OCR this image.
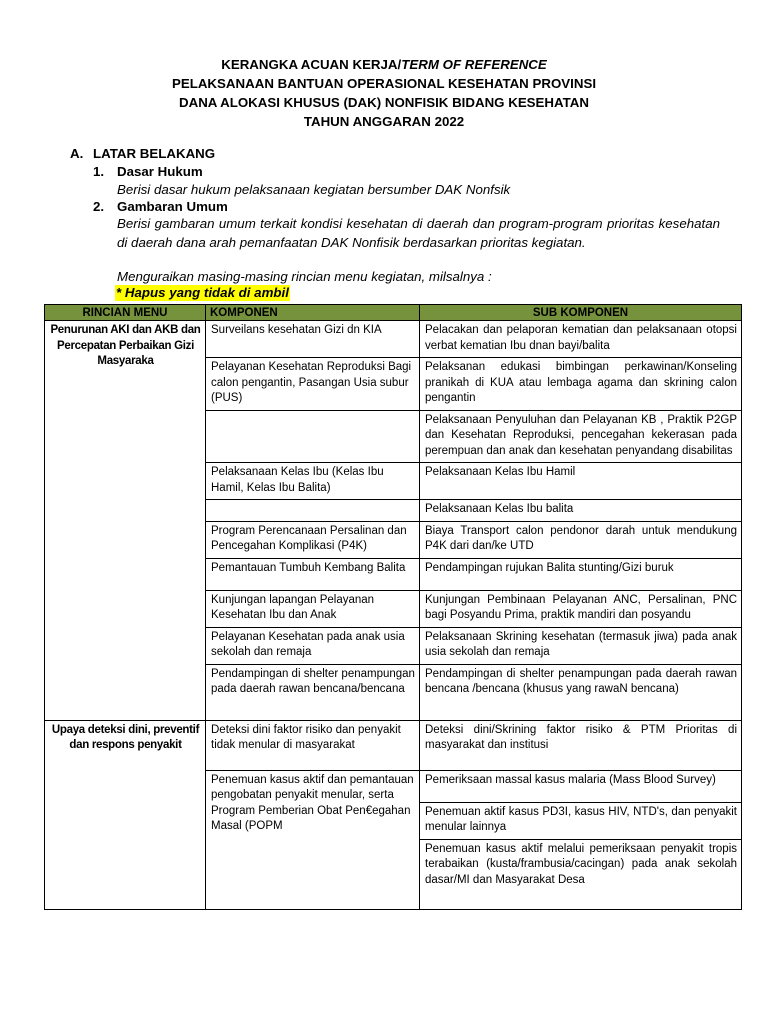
KERANGKA ACUAN KERJA/TERM OF REFERENCE
PELAKSANAAN BANTUAN OPERASIONAL KESEHATAN PROVINSI
DANA ALOKASI KHUSUS (DAK) NONFISIK BIDANG KESEHATAN
TAHUN ANGGARAN 2022
A. LATAR BELAKANG
1. Dasar Hukum
Berisi dasar hukum pelaksanaan kegiatan bersumber DAK Nonfsik
2. Gambaran Umum
Berisi gambaran umum terkait kondisi kesehatan di daerah dan program-program prioritas kesehatan di daerah dana arah pemanfaatan DAK Nonfisik berdasarkan prioritas kegiatan.
Menguraikan masing-masing rincian menu kegiatan, milsalnya :
* Hapus yang tidak di ambil
RINCIAN MENU	KOMPONEN	SUB KOMPONEN
Penurunan AKI dan AKB dan Percepatan Perbaikan Gizi Masyaraka	Surveilans kesehatan Gizi dn KIA	Pelacakan dan pelaporan kematian dan pelaksanaan otopsi verbat kematian Ibu dnan bayi/balita
	Pelayanan Kesehatan Reproduksi Bagi calon pengantin, Pasangan Usia subur (PUS)	Pelaksanan edukasi bimbingan perkawinan/Konseling pranikah di KUA atau lembaga agama dan skrining calon pengantin
		Pelaksanaan Penyuluhan dan Pelayanan KB , Praktik P2GP dan Kesehatan Reproduksi, pencegahan kekerasan pada perempuan dan anak dan kesehatan penyandang disabilitas
	Pelaksanaan Kelas Ibu (Kelas Ibu Hamil, Kelas Ibu Balita)	Pelaksanaan Kelas Ibu Hamil
		Pelaksanaan Kelas Ibu balita
	Program Perencanaan Persalinan dan Pencegahan Komplikasi (P4K)	Biaya Transport calon pendonor darah untuk mendukung P4K dari dan/ke UTD
	Pemantauan Tumbuh Kembang Balita	Pendampingan rujukan Balita stunting/Gizi buruk
	Kunjungan lapangan Pelayanan Kesehatan Ibu dan Anak	Kunjungan Pembinaan Pelayanan ANC, Persalinan, PNC bagi Posyandu Prima, praktik mandiri dan posyandu
	Pelayanan Kesehatan pada anak usia sekolah dan remaja	Pelaksanaan Skrining kesehatan (termasuk jiwa) pada anak usia sekolah dan remaja
	Pendampingan di shelter penampungan pada daerah rawan bencana/bencana	Pendampingan di shelter penampungan pada daerah rawan bencana /bencana (khusus yang rawaN bencana)
Upaya deteksi dini, preventif dan respons penyakit	Deteksi dini faktor risiko dan penyakit tidak menular di masyarakat	Deteksi dini/Skrining faktor risiko & PTM Prioritas di masyarakat dan institusi
	Penemuan kasus aktif dan pemantauan pengobatan penyakit menular, serta Program Pemberian Obat Pen€egahan Masal (POPM	Pemeriksaan massal kasus malaria (Mass Blood Survey)
		Penemuan aktif kasus PD3I, kasus HIV, NTD's, dan penyakit menular lainnya
		Penemuan kasus aktif melalui pemeriksaan penyakit tropis terabaikan (kusta/frambusia/cacingan) pada anak sekolah dasar/MI dan Masyarakat Desa
